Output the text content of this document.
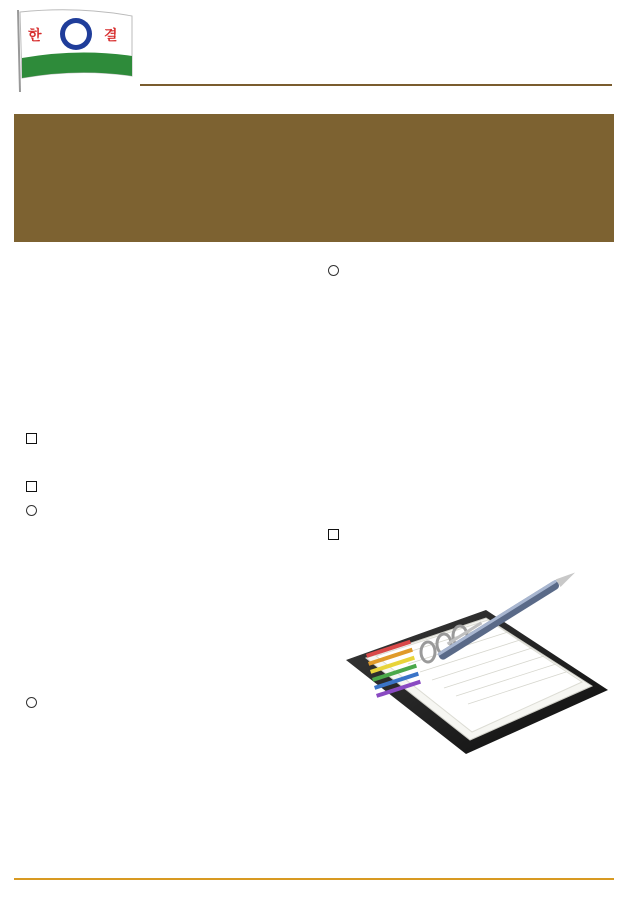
한	결
